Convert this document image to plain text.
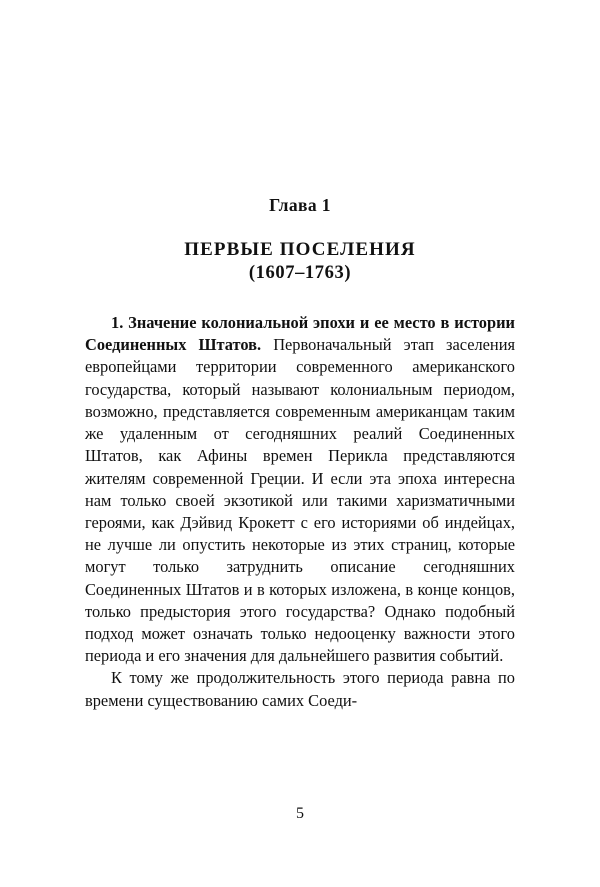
Глава 1
ПЕРВЫЕ ПОСЕЛЕНИЯ
(1607–1763)

1. Значение колониальной эпохи и ее место в истории Соединенных Штатов. Первоначальный этап заселения европейцами территории современного американского государства, который называют колониальным периодом, возможно, представляется современным американцам таким же удаленным от сегодняшних реалий Соединенных Штатов, как Афины времен Перикла представляются жителям современной Греции. И если эта эпоха интересна нам только своей экзотикой или такими харизматичными героями, как Дэйвид Крокетт с его историями об индейцах, не лучше ли опустить некоторые из этих страниц, которые могут только затруднить описание сегодняшних Соединенных Штатов и в которых изложена, в конце концов, только предыстория этого государства? Однако подобный подход может означать только недооценку важности этого периода и его значения для дальнейшего развития событий.

К тому же продолжительность этого периода равна по времени существованию самих Соеди-

5
